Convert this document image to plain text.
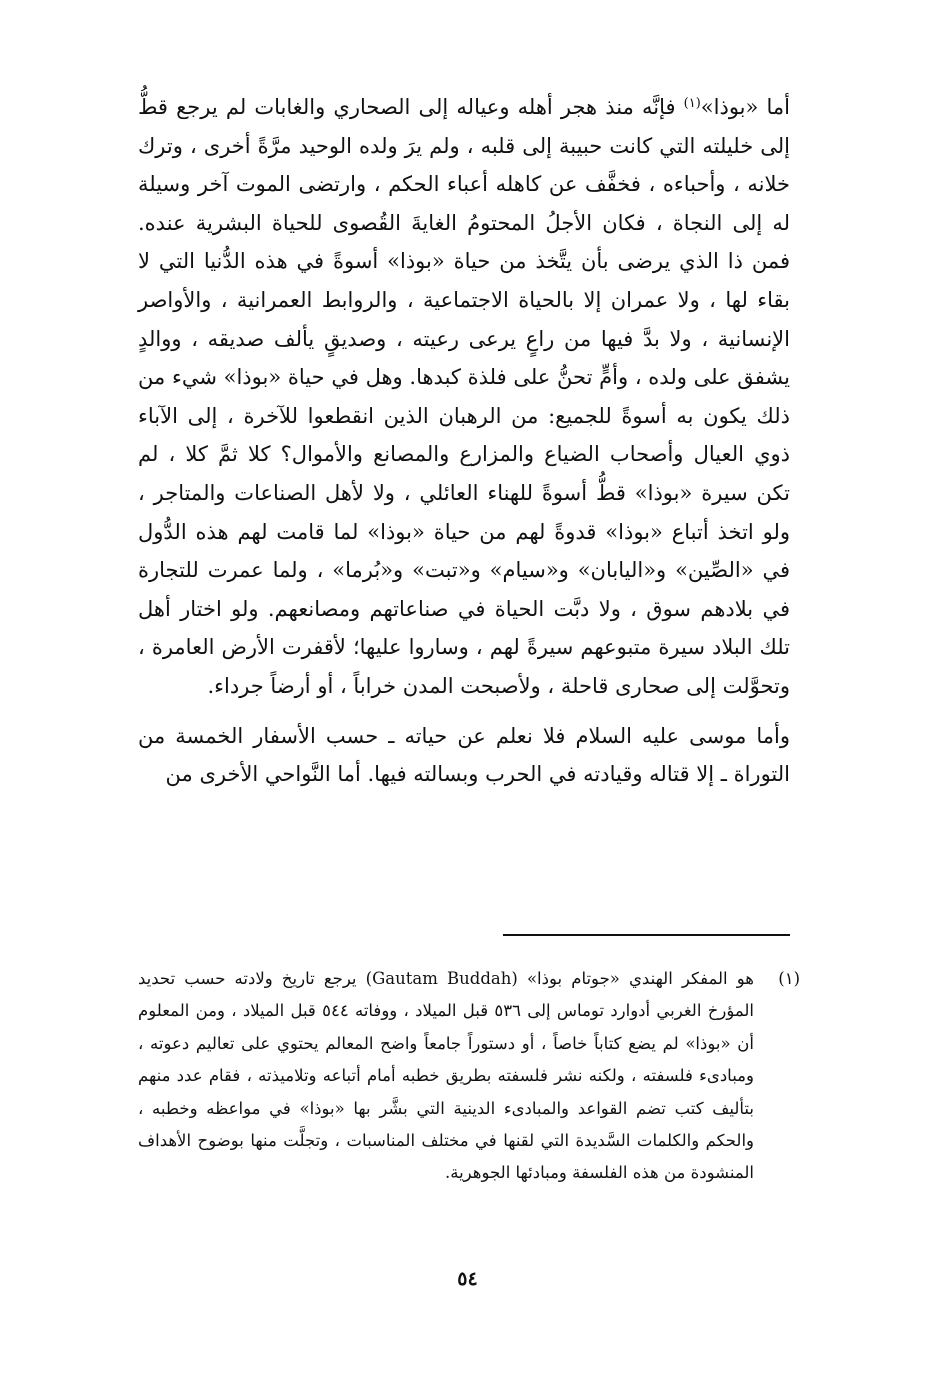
أما «بوذا»$^{(١)}$ فإنَّه منذ هجر أهله وعياله إلى الصحاري والغابات لم يرجع قطُّ إلى خليلته التي كانت حبيبة إلى قلبه ، ولم يرَ ولده الوحيد مرَّةً أخرى ، وترك خلانه ، وأحباءه ، فخفَّف عن كاهله أعباء الحكم ، وارتضى الموت آخر وسيلة له إلى النجاة ، فكان الأجلُ المحتومُ الغايةَ القُصوى للحياة البشرية عنده. فمن ذا الذي يرضى بأن يتَّخذ من حياة «بوذا» أسوةً في هذه الدُّنيا التي لا بقاء لها ، ولا عمران إلا بالحياة الاجتماعية ، والروابط العمرانية ، والأواصر الإنسانية ، ولا بدَّ فيها من راعٍ يرعى رعيته ، وصديقٍ يألف صديقه ، ووالدٍ يشفق على ولده ، وأمٍّ تحنُّ على فلذة كبدها. وهل في حياة «بوذا» شيء من ذلك يكون به أسوةً للجميع: من الرهبان الذين انقطعوا للآخرة ، إلى الآباء ذوي العيال وأصحاب الضياع والمزارع والمصانع والأموال؟ كلا ثمَّ كلا ، لم تكن سيرة «بوذا» قطُّ أسوةً للهناء العائلي ، ولا لأهل الصناعات والمتاجر ، ولو اتخذ أتباع «بوذا» قدوةً لهم من حياة «بوذا» لما قامت لهم هذه الدُّول في «الصِّين» و«اليابان» و«سيام» و«تبت» و«بُرما» ، ولما عمرت للتجارة في بلادهم سوق ، ولا دبَّت الحياة في صناعاتهم ومصانعهم. ولو اختار أهل تلك البلاد سيرة متبوعهم سيرةً لهم ، وساروا عليها؛ لأقفرت الأرض العامرة ، وتحوَّلت إلى صحارى قاحلة ، ولأصبحت المدن خراباً ، أو أرضاً جرداء.

وأما موسى عليه السلام فلا نعلم عن حياته ـ حسب الأسفار الخمسة من التوراة ـ إلا قتاله وقيادته في الحرب وبسالته فيها. أما النَّواحي الأخرى من

(١)
هو المفكر الهندي «جوتام بوذا» (Gautam Buddah) يرجع تاريخ ولادته حسب تحديد المؤرخ الغربي أدوارد توماس إلى ٥٣٦ قبل الميلاد ، ووفاته ٥٤٤ قبل الميلاد ، ومن المعلوم أن «بوذا» لم يضع كتاباً خاصاً ، أو دستوراً جامعاً واضح المعالم يحتوي على تعاليم دعوته ، ومبادىء فلسفته ، ولكنه نشر فلسفته بطريق خطبه أمام أتباعه وتلاميذته ، فقام عدد منهم بتأليف كتب تضم القواعد والمبادىء الدينية التي بشَّر بها «بوذا» في مواعظه وخطبه ، والحكم والكلمات السَّديدة التي لقنها في مختلف المناسبات ، وتجلَّت منها بوضوح الأهداف المنشودة من هذه الفلسفة ومبادئها الجوهرية.
٥٤
